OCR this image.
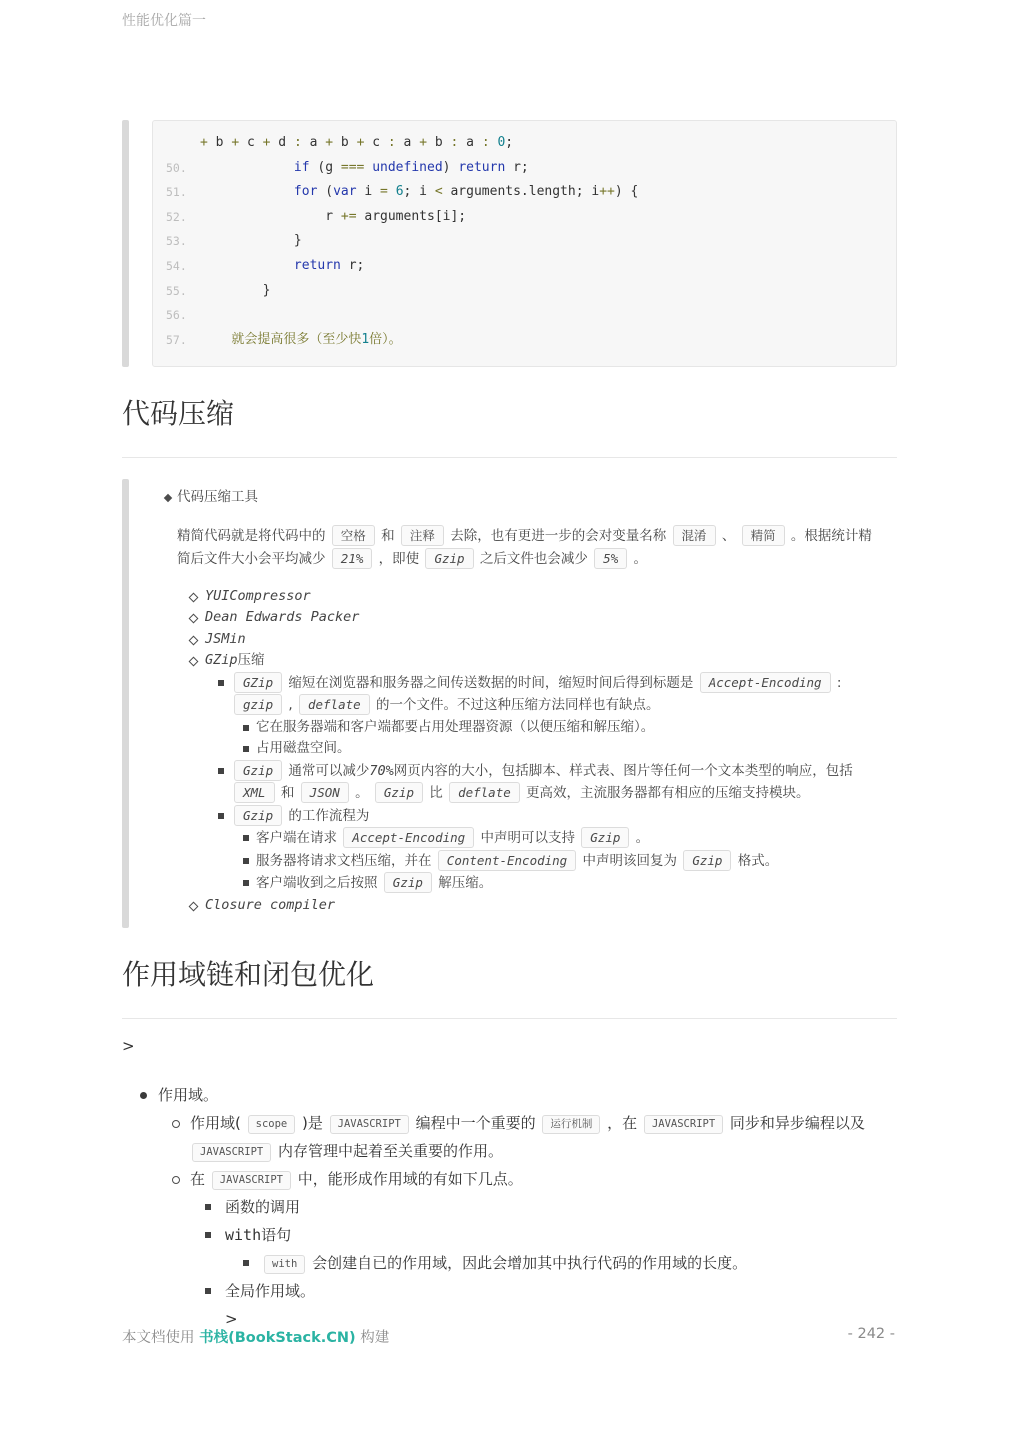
性能优化篇一
+ b + c + d : a + b + c : a + b : a : 0;
50.	if (g === undefined) return r;
51.	for (var i = 6; i < arguments.length; i++) {
52.	r += arguments[i];
53.	}
54.	return r;
55.	}
56.

57.	就会提高很多（至少快1倍）。
代码压缩
代码压缩工具
精简代码就是将代码中的 空格 和 注释 去除，也有更进一步的会对变量名称 混淆 、 精简 。根据统计精简后文件大小会平均减少 21% ，即使 Gzip 之后文件也会减少 5% 。
YUICompressor
Dean Edwards Packer
JSMin
GZip压缩
GZip 缩短在浏览器和服务器之间传送数据的时间，缩短时间后得到标题是 Accept-Encoding : gzip , deflate 的一个文件。不过这种压缩方法同样也有缺点。
它在服务器端和客户端都要占用处理器资源（以便压缩和解压缩）。
占用磁盘空间。
Gzip 通常可以减少70%网页内容的大小，包括脚本、样式表、图片等任何一个文本类型的响应，包括 XML 和 JSON 。 Gzip 比 deflate 更高效，主流服务器都有相应的压缩支持模块。
Gzip 的工作流程为
客户端在请求 Accept-Encoding 中声明可以支持 Gzip 。
服务器将请求文档压缩，并在 Content-Encoding 中声明该回复为 Gzip 格式。
客户端收到之后按照 Gzip 解压缩。
Closure compiler
作用域链和闭包优化

>

作用域。
作用域( scope )是 JAVASCRIPT 编程中一个重要的 运行机制 ，在 JAVASCRIPT 同步和异步编程以及 JAVASCRIPT 内存管理中起着至关重要的作用。
在 JAVASCRIPT 中，能形成作用域的有如下几点。
函数的调用
with语句
with 会创建自已的作用域，因此会增加其中执行代码的作用域的长度。
全局作用域。
>
本文档使用 书栈(BookStack.CN) 构建	- 242 -
